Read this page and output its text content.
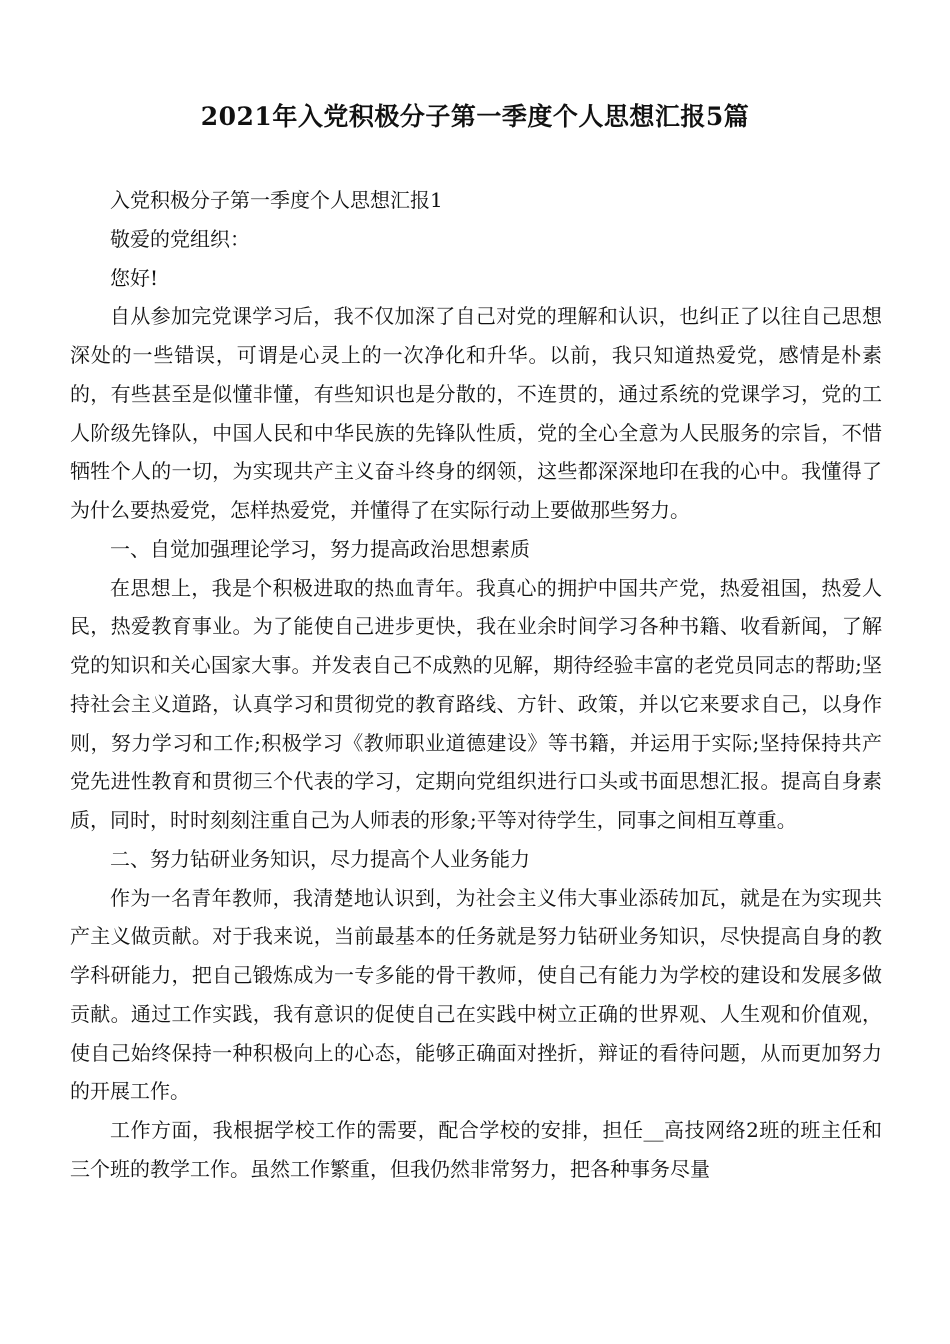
2021年入党积极分子第一季度个人思想汇报5篇

入党积极分子第一季度个人思想汇报1

敬爱的党组织：

您好!

自从参加完党课学习后，我不仅加深了自己对党的理解和认识，也纠正了以往自己思想深处的一些错误，可谓是心灵上的一次净化和升华。以前，我只知道热爱党，感情是朴素的，有些甚至是似懂非懂，有些知识也是分散的，不连贯的，通过系统的党课学习，党的工人阶级先锋队，中国人民和中华民族的先锋队性质，党的全心全意为人民服务的宗旨，不惜牺牲个人的一切，为实现共产主义奋斗终身的纲领，这些都深深地印在我的心中。我懂得了为什么要热爱党，怎样热爱党，并懂得了在实际行动上要做那些努力。

一、自觉加强理论学习，努力提高政治思想素质

在思想上，我是个积极进取的热血青年。我真心的拥护中国共产党，热爱祖国，热爱人民，热爱教育事业。为了能使自己进步更快，我在业余时间学习各种书籍、收看新闻，了解党的知识和关心国家大事。并发表自己不成熟的见解，期待经验丰富的老党员同志的帮助;坚持社会主义道路，认真学习和贯彻党的教育路线、方针、政策，并以它来要求自己，以身作则，努力学习和工作;积极学习《教师职业道德建设》等书籍，并运用于实际;坚持保持共产党先进性教育和贯彻三个代表的学习，定期向党组织进行口头或书面思想汇报。提高自身素质，同时，时时刻刻注重自己为人师表的形象;平等对待学生，同事之间相互尊重。

二、努力钻研业务知识，尽力提高个人业务能力

作为一名青年教师，我清楚地认识到，为社会主义伟大事业添砖加瓦，就是在为实现共产主义做贡献。对于我来说，当前最基本的任务就是努力钻研业务知识，尽快提高自身的教学科研能力，把自己锻炼成为一专多能的骨干教师，使自己有能力为学校的建设和发展多做贡献。通过工作实践，我有意识的促使自己在实践中树立正确的世界观、人生观和价值观，使自己始终保持一种积极向上的心态，能够正确面对挫折，辩证的看待问题，从而更加努力的开展工作。

工作方面，我根据学校工作的需要，配合学校的安排，担任__高技网络2班的班主任和三个班的教学工作。虽然工作繁重，但我仍然非常努力，把各种事务尽量
